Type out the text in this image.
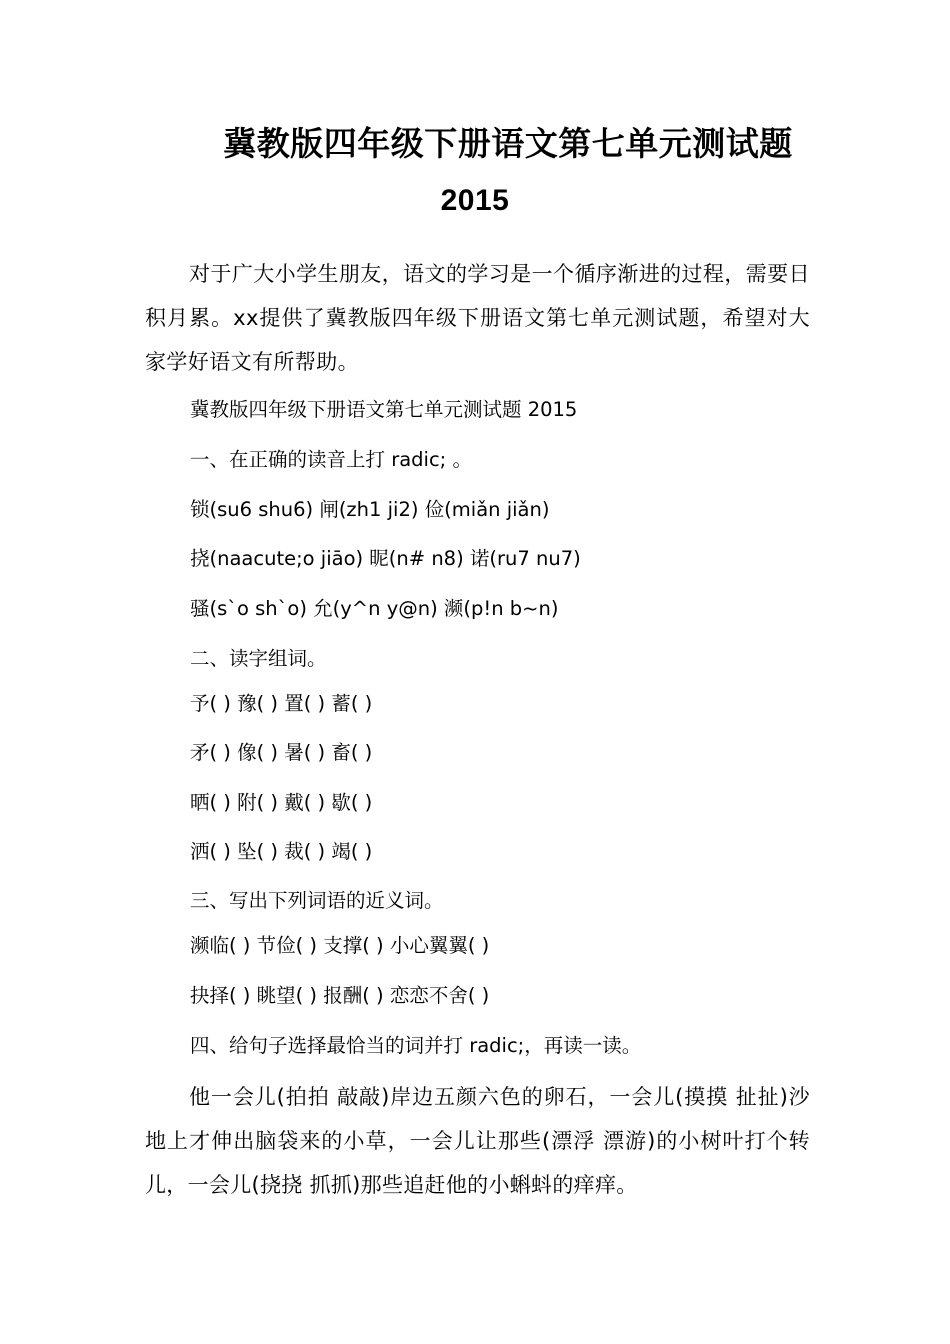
冀教版四年级下册语文第七单元测试题
2015

对于广大小学生朋友，语文的学习是一个循序渐进的过程，需要日积月累。xx提供了冀教版四年级下册语文第七单元测试题，希望对大家学好语文有所帮助。

冀教版四年级下册语文第七单元测试题 2015

一、在正确的读音上打 radic; 。

锁(su6 shu6) 闸(zh1 ji2) 俭(miǎn jiǎn)

挠(naacute;o jiāo) 昵(n# n8) 诺(ru7 nu7)

骚(s`o sh`o) 允(y^n y@n) 濒(p!n b~n)

二、读字组词。

予( ) 豫( ) 置( ) 蓄( )

矛( ) 像( ) 暑( ) 畜( )

晒( ) 附( ) 戴( ) 歇( )

洒( ) 坠( ) 裁( ) 竭( )

三、写出下列词语的近义词。

濒临( ) 节俭( ) 支撑( ) 小心翼翼( )

抉择( ) 眺望( ) 报酬( ) 恋恋不舍( )

四、给句子选择最恰当的词并打 radic;，再读一读。

他一会儿(拍拍 敲敲)岸边五颜六色的卵石，一会儿(摸摸 扯扯)沙地上才伸出脑袋来的小草，一会儿让那些(漂浮 漂游)的小树叶打个转儿，一会儿(挠挠 抓抓)那些追赶他的小蝌蚪的痒痒。
